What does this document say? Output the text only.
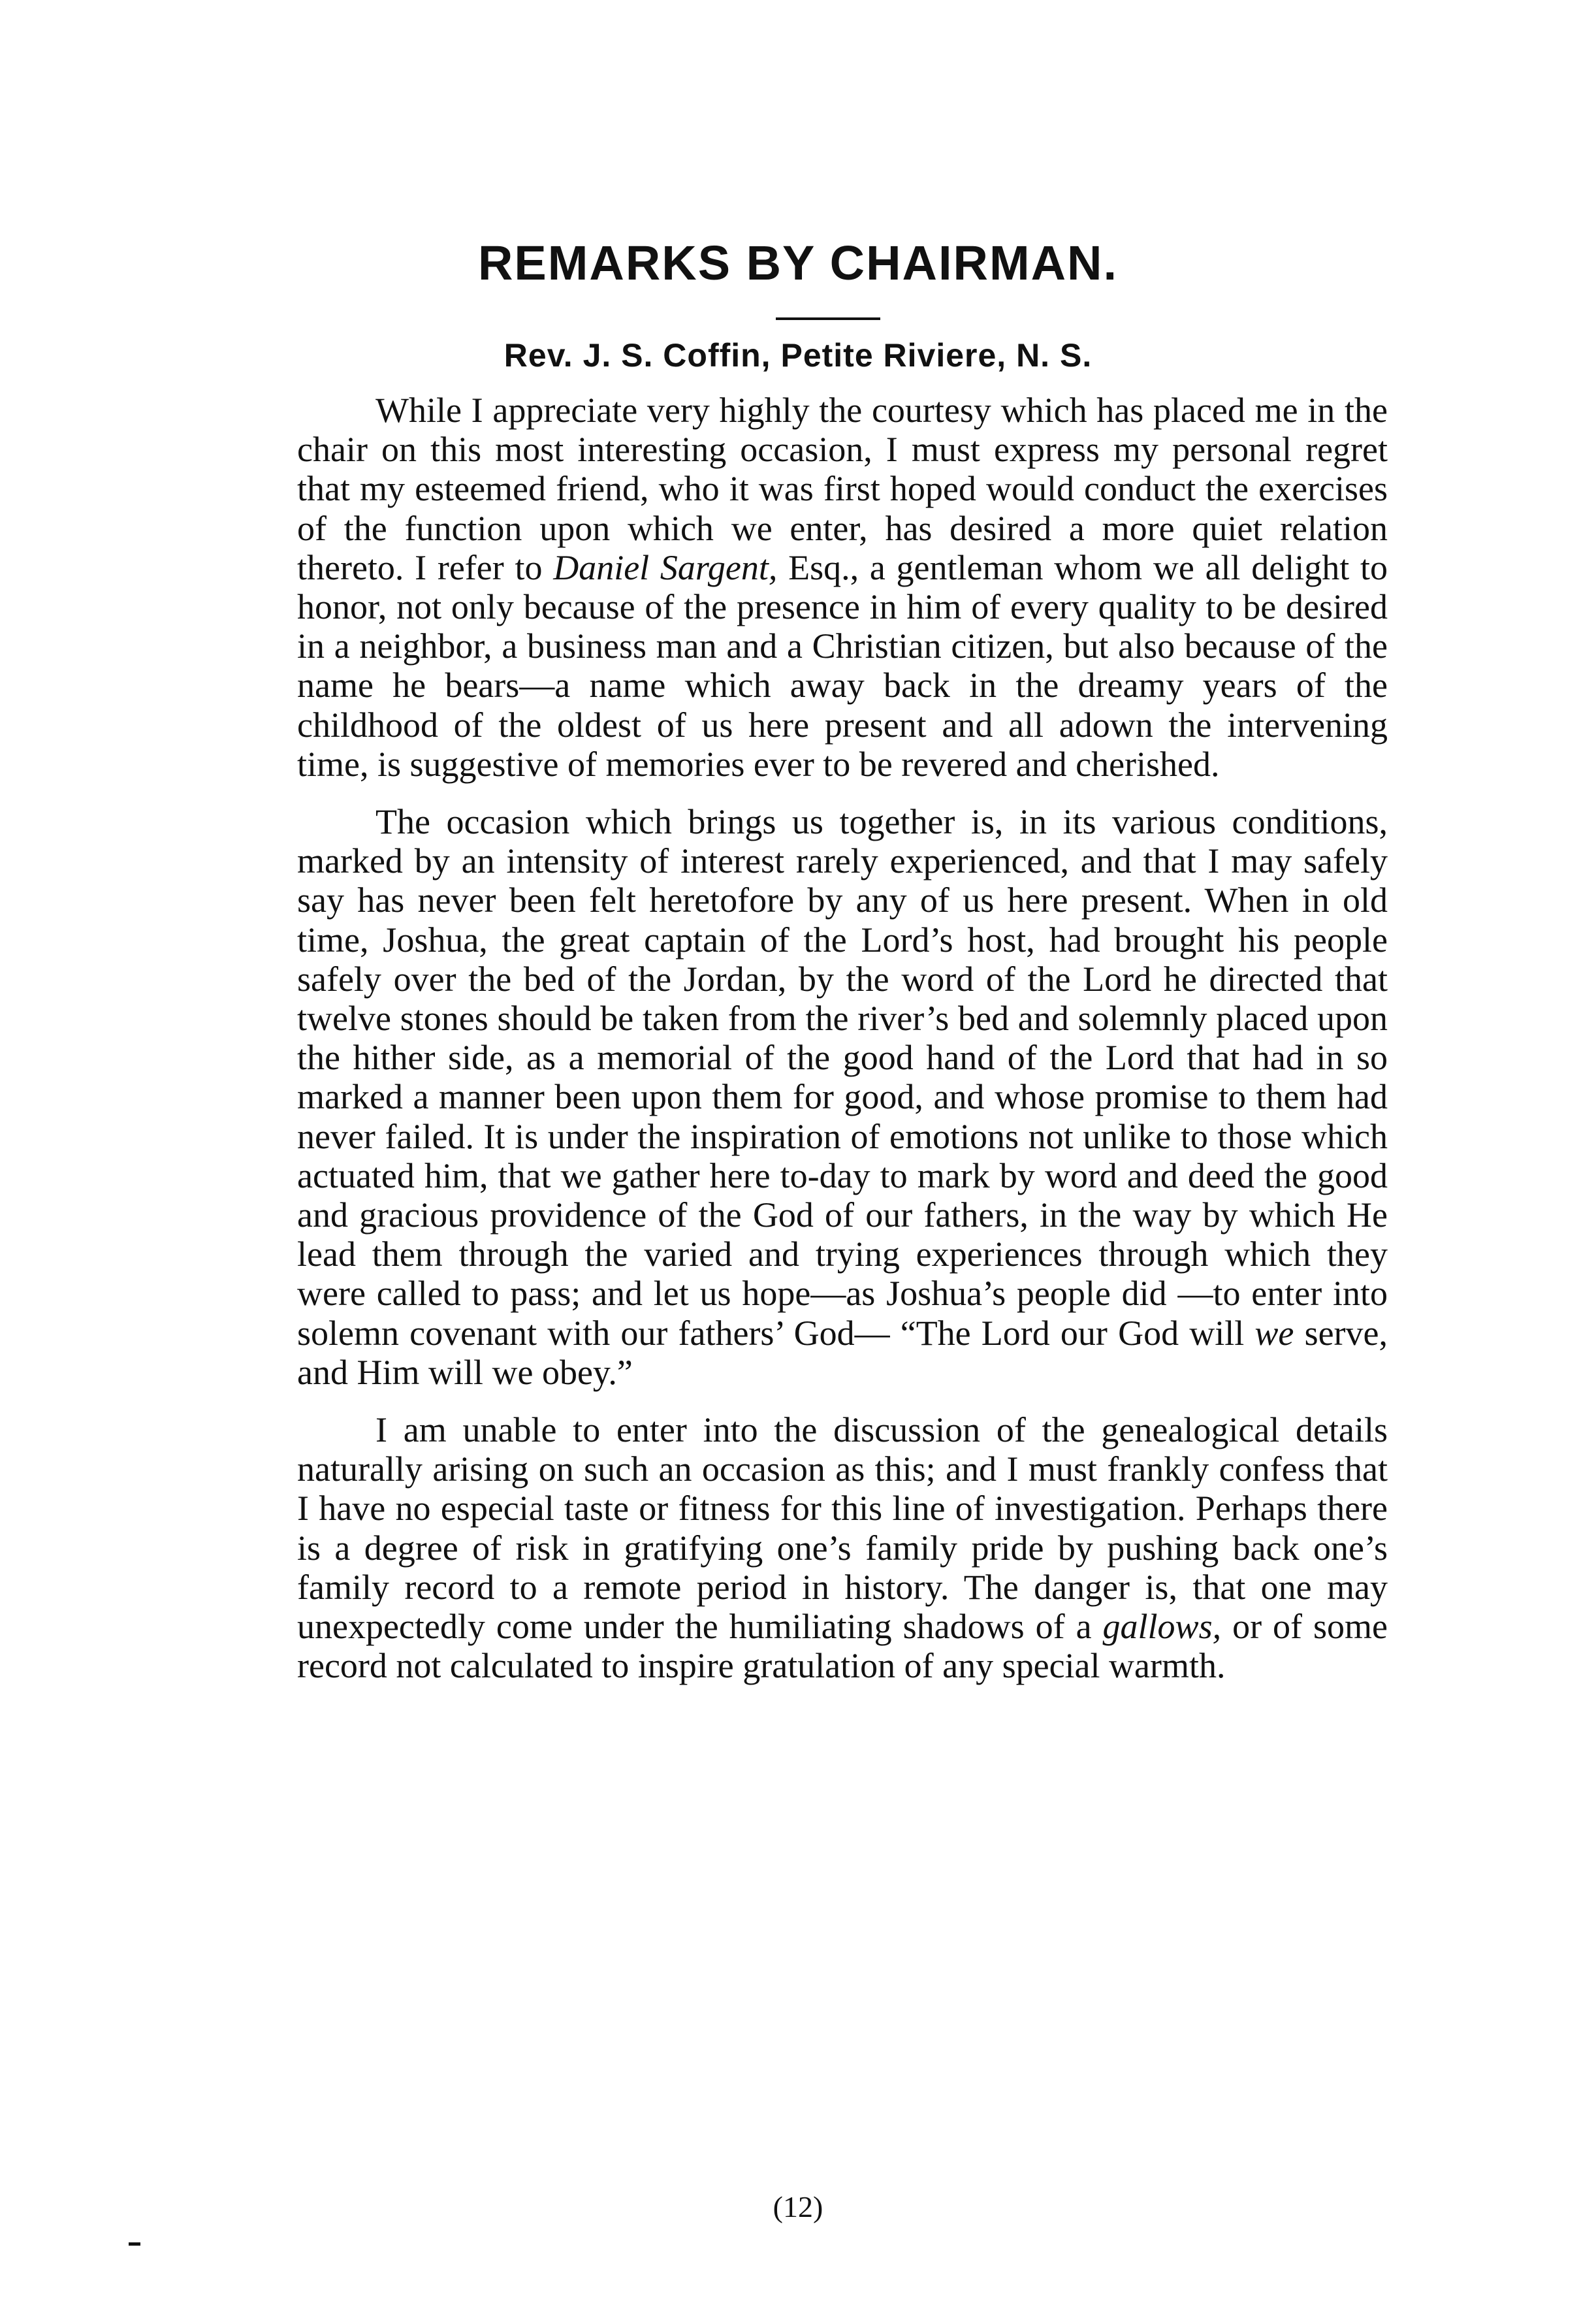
REMARKS BY CHAIRMAN.
Rev. J. S. Coffin, Petite Riviere, N. S.

While I appreciate very highly the courtesy which has placed me in the chair on this most interesting occasion, I must express my personal regret that my esteemed friend, who it was first hoped would conduct the exercises of the function upon which we enter, has desired a more quiet relation thereto. I refer to Daniel Sargent, Esq., a gentleman whom we all delight to honor, not only because of the presence in him of every quality to be desired in a neighbor, a business man and a Christian citizen, but also because of the name he bears—a name which away back in the dreamy years of the childhood of the oldest of us here present and all adown the intervening time, is suggestive of memories ever to be revered and cherished.

The occasion which brings us together is, in its various conditions, marked by an intensity of interest rarely experienced, and that I may safely say has never been felt heretofore by any of us here present. When in old time, Joshua, the great captain of the Lord’s host, had brought his people safely over the bed of the Jordan, by the word of the Lord he directed that twelve stones should be taken from the river’s bed and solemnly placed upon the hither side, as a memorial of the good hand of the Lord that had in so marked a manner been upon them for good, and whose promise to them had never failed. It is under the inspiration of emotions not unlike to those which actuated him, that we gather here to-day to mark by word and deed the good and gracious providence of the God of our fathers, in the way by which He lead them through the varied and trying experiences through which they were called to pass; and let us hope—as Joshua’s people did —to enter into solemn covenant with our fathers’ God— “The Lord our God will we serve, and Him will we obey.”

I am unable to enter into the discussion of the genealogical details naturally arising on such an occasion as this; and I must frankly confess that I have no especial taste or fitness for this line of investigation. Perhaps there is a degree of risk in gratifying one’s family pride by pushing back one’s family record to a remote period in history. The danger is, that one may unexpectedly come under the humiliating shadows of a gallows, or of some record not calculated to inspire gratulation of any special warmth.

(12)
